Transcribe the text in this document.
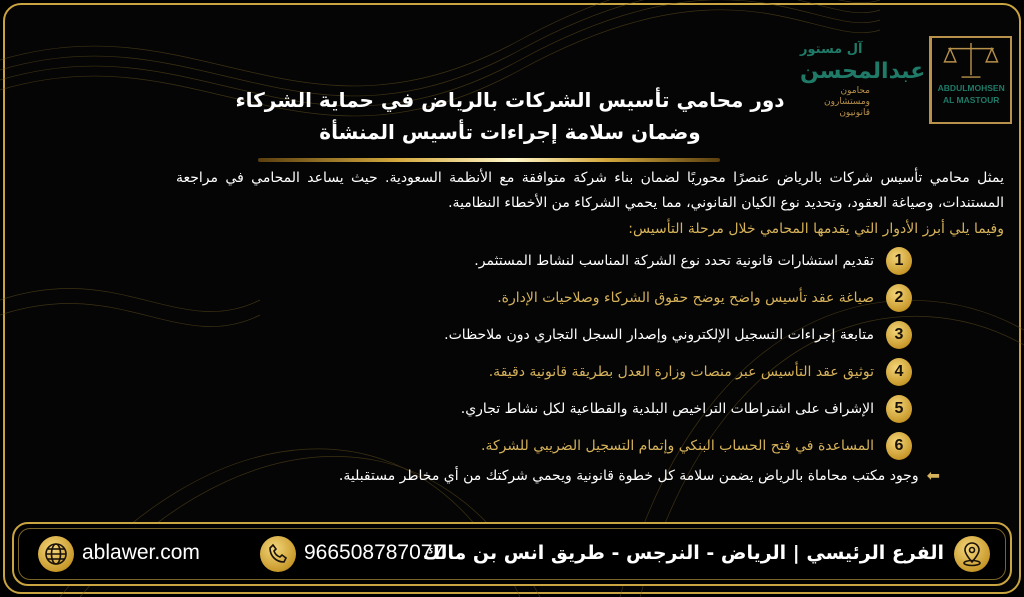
آل مستور
عبدالمحسن
محامون ومستشارون قانونيون
ABDULMOHSEN
AL MASTOUR
دور محامي تأسيس الشركات بالرياض في حماية الشركاء وضمان سلامة إجراءات تأسيس المنشأة
يمثل محامي تأسيس شركات بالرياض عنصرًا محوريًا لضمان بناء شركة متوافقة مع الأنظمة السعودية. حيث يساعد المحامي في مراجعة المستندات، وصياغة العقود، وتحديد نوع الكيان القانوني، مما يحمي الشركاء من الأخطاء النظامية.
وفيما يلي أبرز الأدوار التي يقدمها المحامي خلال مرحلة التأسيس:
1
تقديم استشارات قانونية تحدد نوع الشركة المناسب لنشاط المستثمر.
2
صياغة عقد تأسيس واضح يوضح حقوق الشركاء وصلاحيات الإدارة.
3
متابعة إجراءات التسجيل الإلكتروني وإصدار السجل التجاري دون ملاحظات.
4
توثيق عقد التأسيس عبر منصات وزارة العدل بطريقة قانونية دقيقة.
5
الإشراف على اشتراطات التراخيص البلدية والقطاعية لكل نشاط تجاري.
6
المساعدة في فتح الحساب البنكي وإتمام التسجيل الضريبي للشركة.
⬅
وجود مكتب محاماة بالرياض يضمن سلامة كل خطوة قانونية ويحمي شركتك من أي مخاطر مستقبلية.
ablawer.com	966508787077
الفرع الرئيسي | الرياض - النرجس - طريق انس بن مالك
